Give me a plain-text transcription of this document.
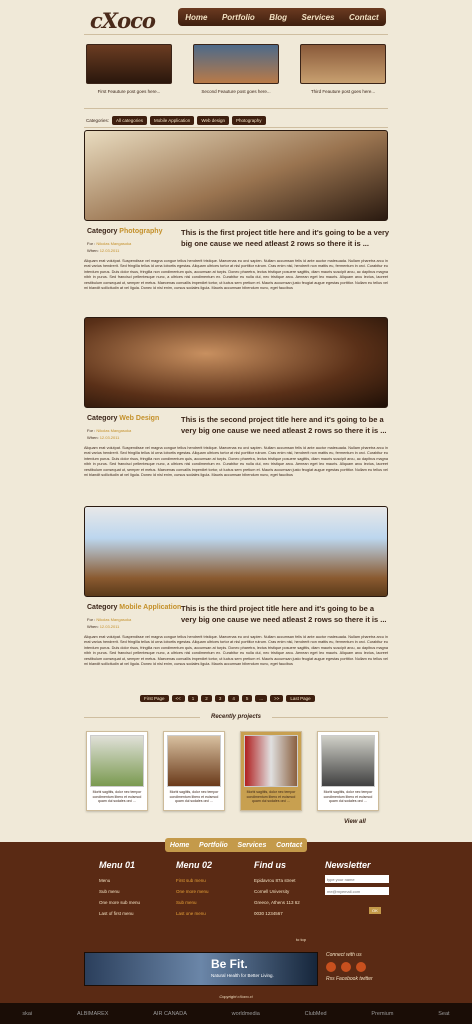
cXoco	Home Portfolio Blog Services Contact
First Feauture post goes here...	Second Feauture post goes here...	Third Feauture post goes here...
Categories:	All categories	Mobile Application	Web design	Photography
Category Photography
For : Nikolas Mangasoka
When: 12.03.2011
This is the first project title here and it's going to be a very big one cause we need atleast 2 rows so there it is ...
Aliquam erat volutpat. Suspendisse vel magna congue tellus hendrerit tristique. Maecenas eu orci sapien. Nullam accumsan felis id ante auctor malesuada. Nullam pharetra arcu in erat varius hendrerit. Sed fringilla tellus id urna lobortis egestas. Aliquam ultrices tortor at nisl porttitor rutrum. Cras enim nisl, hendrerit non mattis eu, fermentum in orci. Curabitur eu interdum purus. Duis dolor risus, fringilla non condimentum quis, accumsan at turpis. Donec pharetra, lectus tristique posuere sagittis, diam mauris suscipit arcu, ac dapibus magna nibh in purus. Sed francisci pellentesque nunc, a ultrices nisl condimentum ex. Curabitur eu nulla dui, nec tristique arcu. Aenean eget leo mauris. Aliquam arcu lectus, laoreet vestibulum consequat ut, semper et metus. Maecenas convallis imperdiet tortor, ut luctus sem pretium et. Mauris accumsan justo feugiat augue egestas porttitor. Nullam eu tellus vel mi blandit sollicitudin at vel ligula. Donec id nisl enim, cursus sodales ligula. Mauris accumsan bibendum nunc, eget faucibus
Category Web Design
For : Nikolas Mangasoka
When: 12.03.2011
This is the second project title here and it's going to be a very big one cause we need atleast 2 rows so there it is ...
Aliquam erat volutpat. Suspendisse vel magna congue tellus hendrerit tristique. Maecenas eu orci sapien. Nullam accumsan felis id ante auctor malesuada. Nullam pharetra arcu in erat varius hendrerit. Sed fringilla tellus id urna lobortis egestas. Aliquam ultrices tortor at nisl porttitor rutrum. Cras enim nisl, hendrerit non mattis eu, fermentum in orci. Curabitur eu interdum purus. Duis dolor risus, fringilla non condimentum quis, accumsan at turpis. Donec pharetra, lectus tristique posuere sagittis, diam mauris suscipit arcu, ac dapibus magna nibh in purus. Sed francisci pellentesque nunc, a ultrices nisl condimentum ex. Curabitur eu nulla dui, nec tristique arcu. Aenean eget leo mauris. Aliquam arcu lectus, laoreet vestibulum consequat ut, semper et metus. Maecenas convallis imperdiet tortor, ut luctus sem pretium et. Mauris accumsan justo feugiat augue egestas porttitor. Nullam eu tellus vel mi blandit sollicitudin at vel ligula. Donec id nisl enim, cursus sodales ligula. Mauris accumsan bibendum nunc, eget faucibus
Category Mobile Application
For : Nikolas Mangasoka
When: 12.03.2011
This is the third project title here and it's going to be a very big one cause we need atleast 2 rows so there it is ...
Aliquam erat volutpat. Suspendisse vel magna congue tellus hendrerit tristique. Maecenas eu orci sapien. Nullam accumsan felis id ante auctor malesuada. Nullam pharetra arcu in erat varius hendrerit. Sed fringilla tellus id urna lobortis egestas. Aliquam ultrices tortor at nisl porttitor rutrum. Cras enim nisl, hendrerit non mattis eu, fermentum in orci. Curabitur eu interdum purus. Duis dolor risus, fringilla non condimentum quis, accumsan at turpis. Donec pharetra, lectus tristique posuere sagittis, diam mauris suscipit arcu, ac dapibus magna nibh in purus. Sed francisci pellentesque nunc, a ultrices nisl condimentum ex. Curabitur eu nulla dui, nec tristique arcu. Aenean eget leo mauris. Aliquam arcu lectus, laoreet vestibulum consequat ut, semper et metus. Maecenas convallis imperdiet tortor, ut luctus sem pretium et. Mauris accumsan justo feugiat augue egestas porttitor. Nullam eu tellus vel mi blandit sollicitudin at vel ligula. Donec id nisl enim, cursus sodales ligula. Mauris accumsan bibendum nunc, eget faucibus
First Page	<<	1	2	3	4	5	...	>>	Last Page
Recently projects
Morbi sagittis, dolor nec tempor condimentum libero et euismod quam dui sodales orci ...
Morbi sagittis, dolor nec tempor condimentum libero et euismod quam dui sodales orci ...
Morbi sagittis, dolor nec tempor condimentum libero et euismod quam dui sodales orci ...
Morbi sagittis, dolor nec tempor condimentum libero et euismod quam dui sodales orci ...
View all
Home Portfolio Services Contact
Menu 01

Menu

Sub menu

One more sub menu

Last of first menu

Menu 02

First sub menu

One more menu

Sub menu

Last one menu

Find us

Epidavrou 87a street

Cornell University

Greece, Athens 113 62

0030 1234567

Newsletter
type your name
me@myemail.com OK
to top
Be Fit.
Natural Health for Better Living.
Connect with us
Rss Facebook twitter
Copyright cXoco.ci
skai	ALBIMAREX	AIR CANADA	worldmedia	ClubMed	Premium	Seat
